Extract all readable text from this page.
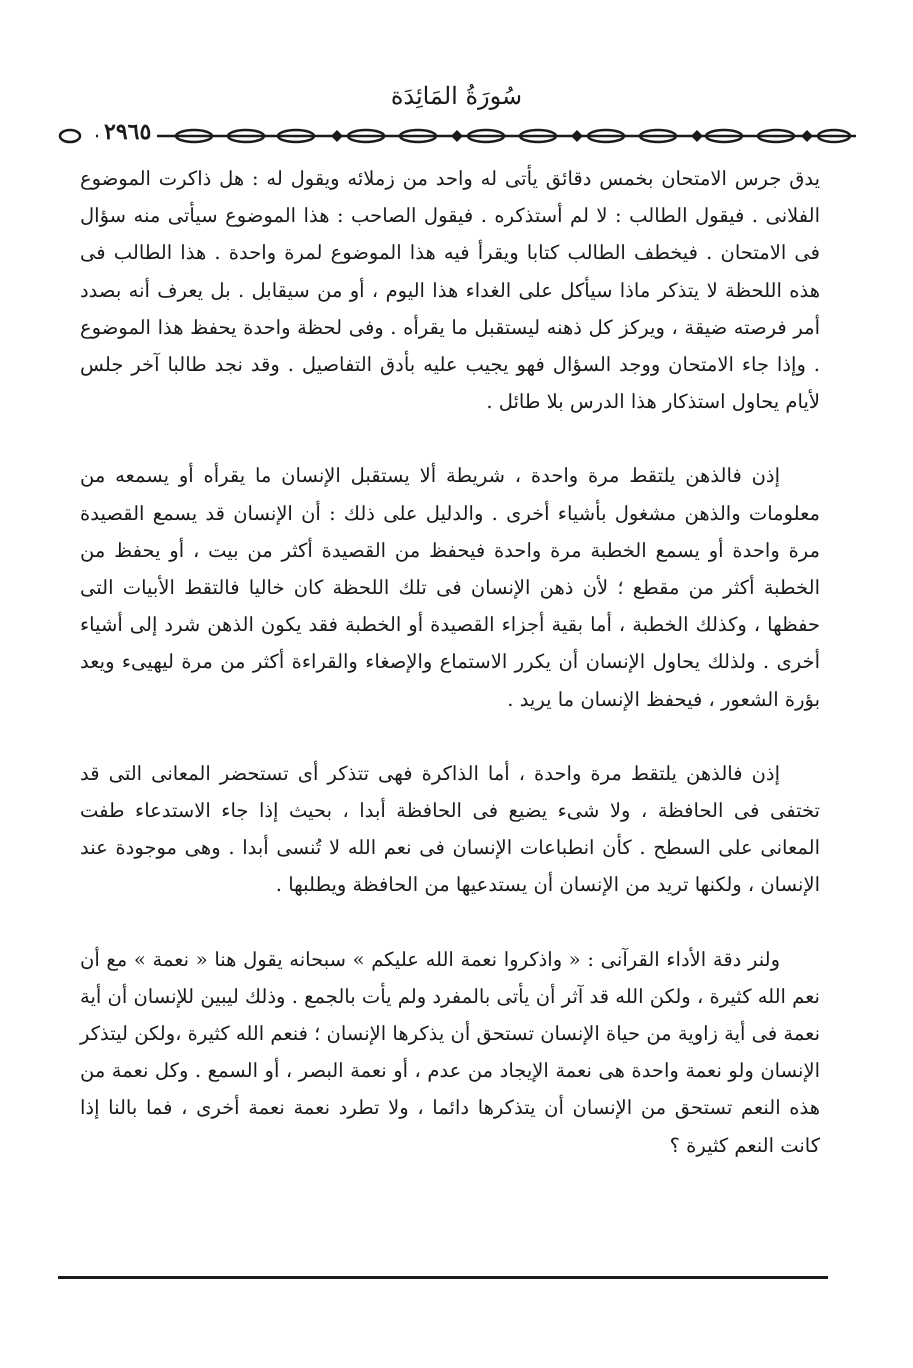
سُورَةُ المَائِدَة
٢٩٦٥

يدق جرس الامتحان بخمس دقائق يأتى له واحد من زملائه ويقول له : هل ذاكرت الموضوع الفلانى . فيقول الطالب : لا لم أستذكره . فيقول الصاحب : هذا الموضوع سيأتى منه سؤال فى الامتحان . فيخطف الطالب كتابا ويقرأ فيه هذا الموضوع لمرة واحدة . هذا الطالب فى هذه اللحظة لا يتذكر ماذا سيأكل على الغداء هذا اليوم ، أو من سيقابل . بل يعرف أنه بصدد أمر فرصته ضيقة ، ويركز كل ذهنه ليستقبل ما يقرأه . وفى لحظة واحدة يحفظ هذا الموضوع . وإذا جاء الامتحان ووجد السؤال فهو يجيب عليه بأدق التفاصيل . وقد نجد طالبا آخر جلس لأيام يحاول استذكار هذا الدرس بلا طائل .

إذن فالذهن يلتقط مرة واحدة ، شريطة ألا يستقبل الإنسان ما يقرأه أو يسمعه من معلومات والذهن مشغول بأشياء أخرى . والدليل على ذلك : أن الإنسان قد يسمع القصيدة مرة واحدة أو يسمع الخطبة مرة واحدة فيحفظ من القصيدة أكثر من بيت ، أو يحفظ من الخطبة أكثر من مقطع ؛ لأن ذهن الإنسان فى تلك اللحظة كان خاليا فالتقط الأبيات التى حفظها ، وكذلك الخطبة ، أما بقية أجزاء القصيدة أو الخطبة فقد يكون الذهن شرد إلى أشياء أخرى . ولذلك يحاول الإنسان أن يكرر الاستماع والإصغاء والقراءة أكثر من مرة ليهيىء ويعد بؤرة الشعور ، فيحفظ الإنسان ما يريد .

إذن فالذهن يلتقط مرة واحدة ، أما الذاكرة فهى تتذكر أى تستحضر المعانى التى قد تختفى فى الحافظة ، ولا شىء يضيع فى الحافظة أبدا ، بحيث إذا جاء الاستدعاء طفت المعانى على السطح . كأن انطباعات الإنسان فى نعم الله لا تُنسى أبدا . وهى موجودة عند الإنسان ، ولكنها تريد من الإنسان أن يستدعيها من الحافظة ويطلبها .

ولنر دقة الأداء القرآنى : « واذكروا نعمة الله عليكم » سبحانه يقول هنا « نعمة » مع أن نعم الله كثيرة ، ولكن الله قد آثر أن يأتى بالمفرد ولم يأت بالجمع . وذلك ليبين للإنسان أن أية نعمة فى أية زاوية من حياة الإنسان تستحق أن يذكرها الإنسان ؛ فنعم الله كثيرة ،ولكن ليتذكر الإنسان ولو نعمة واحدة هى نعمة الإيجاد من عدم ، أو نعمة البصر ، أو السمع . وكل نعمة من هذه النعم تستحق من الإنسان أن يتذكرها دائما ، ولا تطرد نعمة نعمة أخرى ، فما بالنا إذا كانت النعم كثيرة ؟
